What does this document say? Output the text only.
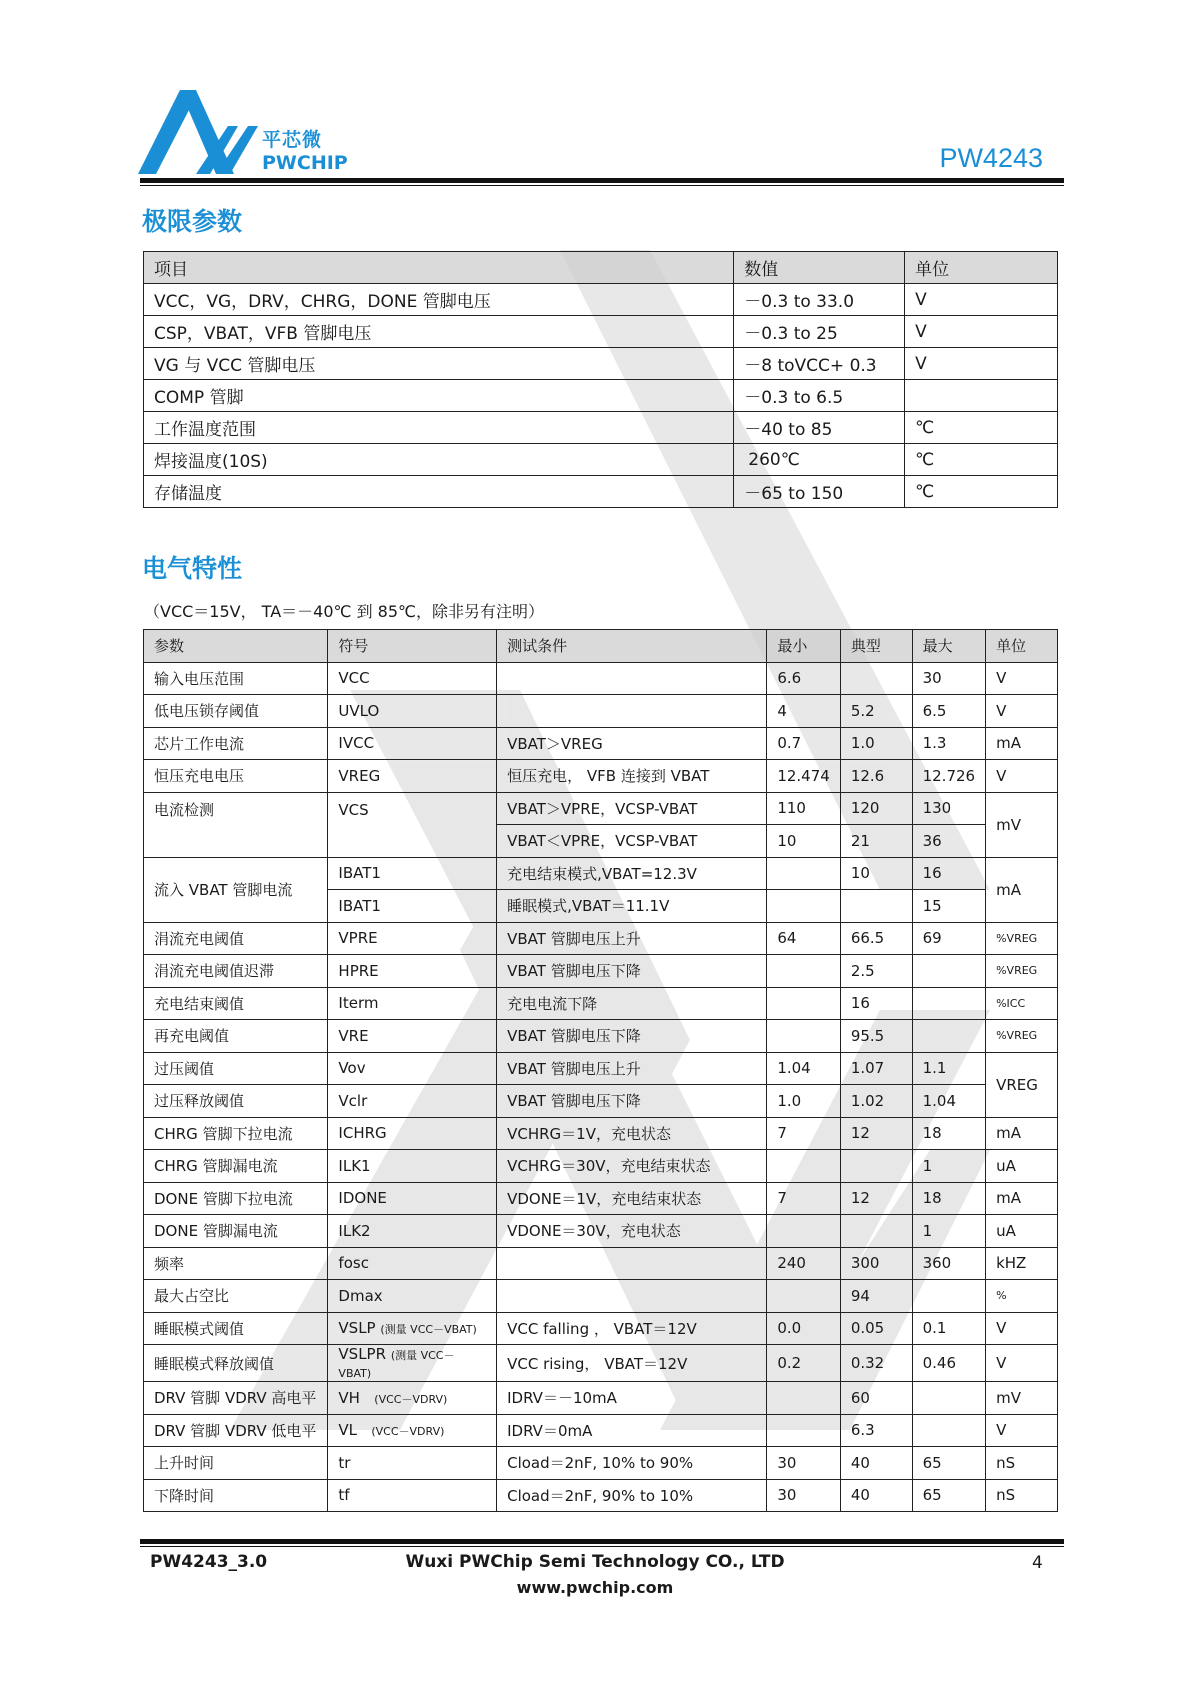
平芯微
PWCHIP	PW4243
极限参数
项目	数值	单位
VCC，VG，DRV，CHRG，DONE 管脚电压	－0.3 to 33.0	V
CSP，VBAT，VFB 管脚电压	－0.3 to 25	V
VG 与 VCC 管脚电压	－8 toVCC+ 0.3	V
COMP 管脚	－0.3 to 6.5	
工作温度范围	－40 to 85	℃
焊接温度(10S)	260℃	℃
存储温度	－65 to 150	℃
电气特性
（VCC＝15V， TA＝－40℃ 到 85℃，除非另有注明）
参数	符号	测试条件	最小	典型	最大	单位
输入电压范围	VCC		6.6		30	V
低电压锁存阈值	UVLO		4	5.2	6.5	V
芯片工作电流	IVCC	VBAT＞VREG	0.7	1.0	1.3	mA
恒压充电电压	VREG	恒压充电， VFB 连接到 VBAT	12.474	12.6	12.726	V
电流检测	VCS	VBAT＞VPRE，VCSP-VBAT	110	120	130	mV
		VBAT＜VPRE，VCSP-VBAT	10	21	36	
流入 VBAT 管脚电流	IBAT1	充电结束模式,VBAT=12.3V		10	16	mA
	IBAT1	睡眠模式,VBAT＝11.1V			15	
涓流充电阈值	VPRE	VBAT 管脚电压上升	64	66.5	69	%VREG
涓流充电阈值迟滞	HPRE	VBAT 管脚电压下降		2.5		%VREG
充电结束阈值	Iterm	充电电流下降		16		%ICC
再充电阈值	VRE	VBAT 管脚电压下降		95.5		%VREG
过压阈值	Vov	VBAT 管脚电压上升	1.04	1.07	1.1	VREG
过压释放阈值	Vclr	VBAT 管脚电压下降	1.0	1.02	1.04	
CHRG 管脚下拉电流	ICHRG	VCHRG＝1V，充电状态	7	12	18	mA
CHRG 管脚漏电流	ILK1	VCHRG＝30V，充电结束状态			1	uA
DONE 管脚下拉电流	IDONE	VDONE＝1V，充电结束状态	7	12	18	mA
DONE 管脚漏电流	ILK2	VDONE＝30V，充电状态			1	uA
频率	fosc		240	300	360	kHZ
最大占空比	Dmax			94		%
睡眠模式阈值	VSLP (测量 VCC－VBAT)	VCC falling ， VBAT＝12V	0.0	0.05	0.1	V
睡眠模式释放阈值	VSLPR (测量 VCC－VBAT)	VCC rising， VBAT＝12V	0.2	0.32	0.46	V
DRV 管脚 VDRV 高电平	VH (VCC－VDRV)	IDRV＝－10mA		60		mV
DRV 管脚 VDRV 低电平	VL (VCC－VDRV)	IDRV＝0mA		6.3		V
上升时间	tr	Cload＝2nF, 10% to 90%	30	40	65	nS
下降时间	tf	Cload＝2nF, 90% to 10%	30	40	65	nS
PW4243_3.0	Wuxi PWChip Semi Technology CO., LTD
www.pwchip.com
4
